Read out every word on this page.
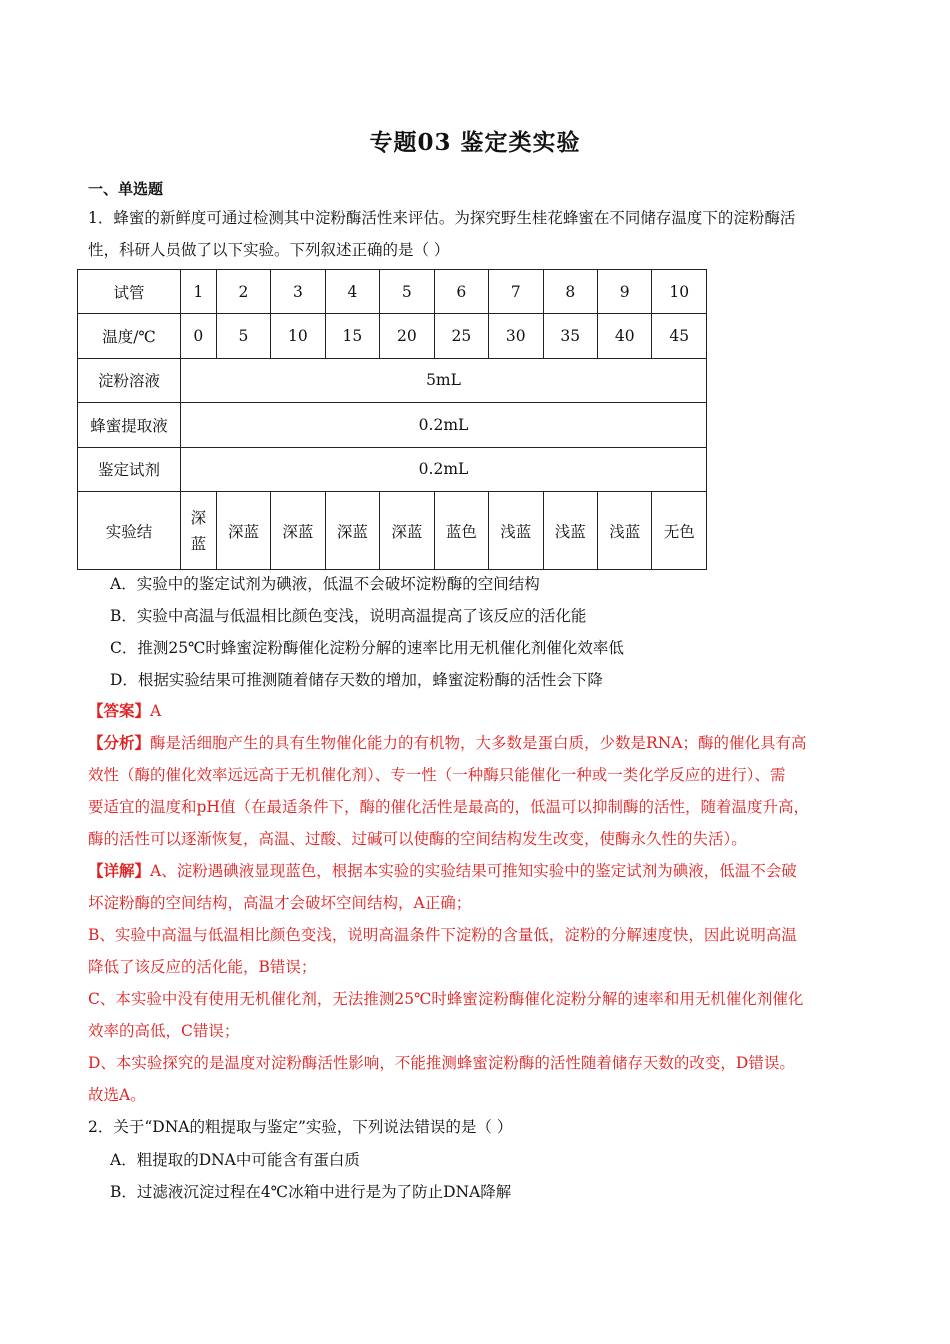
专题03 鉴定类实验
一、单选题
1．蜂蜜的新鲜度可通过检测其中淀粉酶活性来评估。为探究野生桂花蜂蜜在不同储存温度下的淀粉酶活
性，科研人员做了以下实验。下列叙述正确的是（ ）
试管	1	2	3	4	5	6	7	8	9	10
温度/℃	0	5	10	15	20	25	30	35	40	45
淀粉溶液	5mL									
蜂蜜提取液	0.2mL									
鉴定试剂	0.2mL									
实验结	深蓝	深蓝	深蓝	深蓝	深蓝	蓝色	浅蓝	浅蓝	浅蓝	无色
A．实验中的鉴定试剂为碘液，低温不会破坏淀粉酶的空间结构
B．实验中高温与低温相比颜色变浅，说明高温提高了该反应的活化能
C．推测25℃时蜂蜜淀粉酶催化淀粉分解的速率比用无机催化剂催化效率低
D．根据实验结果可推测随着储存天数的增加，蜂蜜淀粉酶的活性会下降
【答案】A
【分析】酶是活细胞产生的具有生物催化能力的有机物，大多数是蛋白质，少数是RNA；酶的催化具有高
效性（酶的催化效率远远高于无机催化剂）、专一性（一种酶只能催化一种或一类化学反应的进行）、需
要适宜的温度和pH值（在最适条件下，酶的催化活性是最高的，低温可以抑制酶的活性，随着温度升高，
酶的活性可以逐渐恢复，高温、过酸、过碱可以使酶的空间结构发生改变，使酶永久性的失活）。
【详解】A、淀粉遇碘液显现蓝色，根据本实验的实验结果可推知实验中的鉴定试剂为碘液，低温不会破
坏淀粉酶的空间结构，高温才会破坏空间结构，A正确；
B、实验中高温与低温相比颜色变浅，说明高温条件下淀粉的含量低，淀粉的分解速度快，因此说明高温
降低了该反应的活化能，B错误；
C、本实验中没有使用无机催化剂，无法推测25℃时蜂蜜淀粉酶催化淀粉分解的速率和用无机催化剂催化
效率的高低，C错误；
D、本实验探究的是温度对淀粉酶活性影响，不能推测蜂蜜淀粉酶的活性随着储存天数的改变，D错误。
故选A。
2．关于“DNA的粗提取与鉴定”实验，下列说法错误的是（ ）
A．粗提取的DNA中可能含有蛋白质
B．过滤液沉淀过程在4℃冰箱中进行是为了防止DNA降解
